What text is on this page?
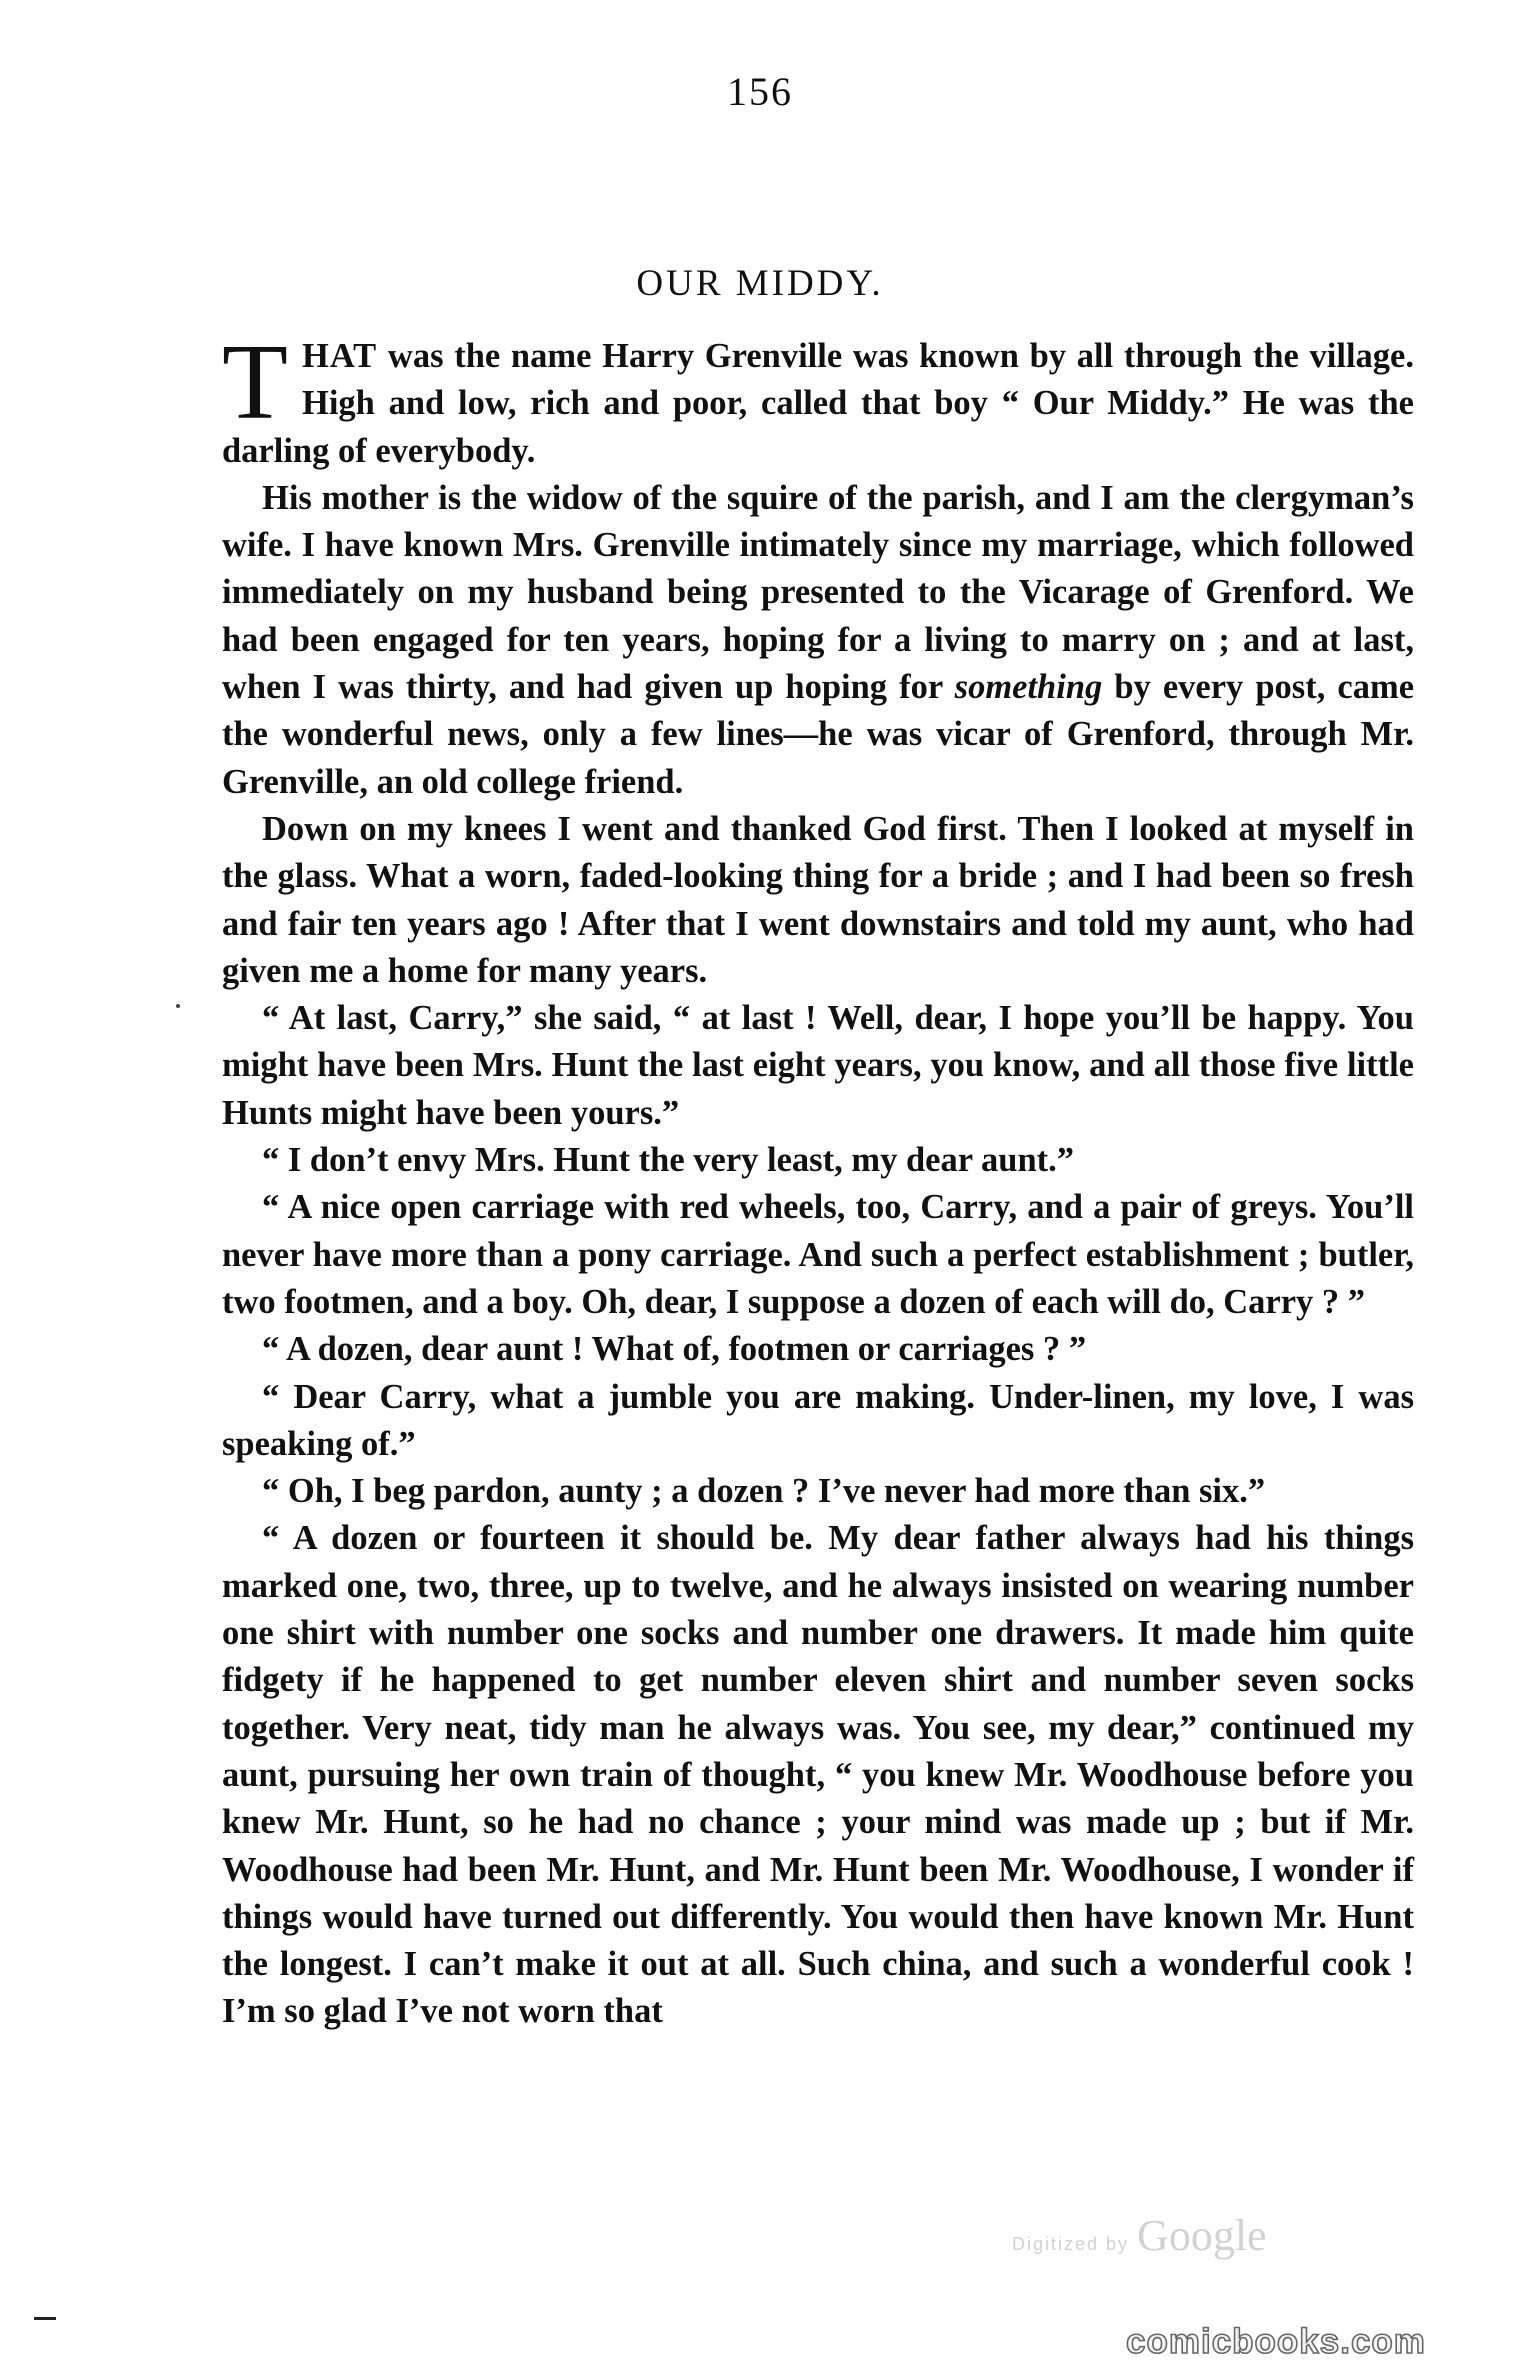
156
OUR MIDDY.

THAT was the name Harry Grenville was known by all through the village. High and low, rich and poor, called that boy “ Our Middy.” He was the darling of everybody.

His mother is the widow of the squire of the parish, and I am the clergyman’s wife. I have known Mrs. Grenville intimately since my marriage, which followed immediately on my husband being presented to the Vicarage of Grenford. We had been engaged for ten years, hoping for a living to marry on ; and at last, when I was thirty, and had given up hoping for something by every post, came the wonderful news, only a few lines—he was vicar of Grenford, through Mr. Grenville, an old college friend.

Down on my knees I went and thanked God first. Then I looked at myself in the glass. What a worn, faded-looking thing for a bride ; and I had been so fresh and fair ten years ago ! After that I went downstairs and told my aunt, who had given me a home for many years.

“ At last, Carry,” she said, “ at last ! Well, dear, I hope you’ll be happy. You might have been Mrs. Hunt the last eight years, you know, and all those five little Hunts might have been yours.”

“ I don’t envy Mrs. Hunt the very least, my dear aunt.”

“ A nice open carriage with red wheels, too, Carry, and a pair of greys. You’ll never have more than a pony carriage. And such a perfect establishment ; butler, two footmen, and a boy. Oh, dear, I suppose a dozen of each will do, Carry ? ”

“ A dozen, dear aunt ! What of, footmen or carriages ? ”

“ Dear Carry, what a jumble you are making. Under-linen, my love, I was speaking of.”

“ Oh, I beg pardon, aunty ; a dozen ? I’ve never had more than six.”

“ A dozen or fourteen it should be. My dear father always had his things marked one, two, three, up to twelve, and he always insisted on wearing number one shirt with number one socks and number one drawers. It made him quite fidgety if he happened to get number eleven shirt and number seven socks together. Very neat, tidy man he always was. You see, my dear,” continued my aunt, pursuing her own train of thought, “ you knew Mr. Woodhouse before you knew Mr. Hunt, so he had no chance ; your mind was made up ; but if Mr. Woodhouse had been Mr. Hunt, and Mr. Hunt been Mr. Woodhouse, I wonder if things would have turned out differently. You would then have known Mr. Hunt the longest. I can’t make it out at all. Such china, and such a wonderful cook ! I’m so glad I’ve not worn that

Digitized by Google
comicbooks.com
